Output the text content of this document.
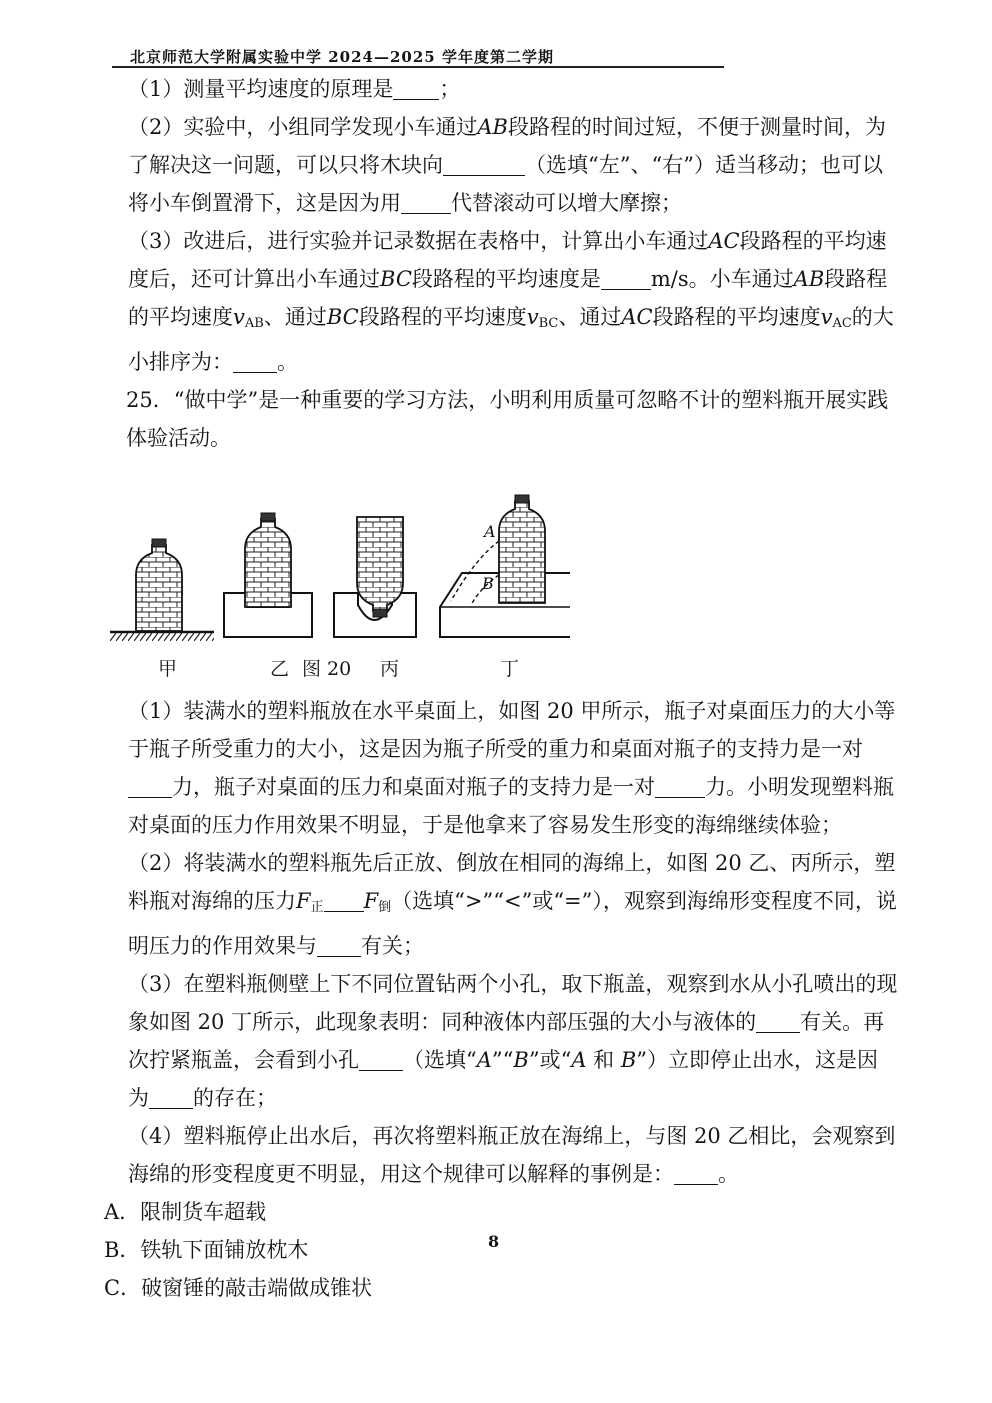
北京师范大学附属实验中学 2024—2025 学年度第二学期

（1）测量平均速度的原理是 ；

（2）实验中，小组同学发现小车通过AB段路程的时间过短，不便于测量时间，为了解决这一问题，可以只将木块向	（选填“左”、“右”）适当移动；也可以将小车倒置滑下，这是因为用 代替滚动可以增大摩擦；

（3）改进后，进行实验并记录数据在表格中，计算出小车通过AC段路程的平均速度后，还可计算出小车通过BC段路程的平均速度是 m/s。小车通过AB段路程的平均速度$v_{AB}$、通过BC段路程的平均速度$v_{BC}$、通过AC段路程的平均速度$v_{AC}$的大小排序为： 。

25．“做中学”是一种重要的学习方法，小明利用质量可忽略不计的塑料瓶开展实践体验活动。

A
B
甲	乙 图 20 丙	丁

（1）装满水的塑料瓶放在水平桌面上，如图 20 甲所示，瓶子对桌面压力的大小等于瓶子所受重力的大小，这是因为瓶子所受的重力和桌面对瓶子的支持力是一对力，瓶子对桌面的压力和桌面对瓶子的支持力是一对 力。小明发现塑料瓶对桌面的压力作用效果不明显，于是他拿来了容易发生形变的海绵继续体验；

（2）将装满水的塑料瓶先后正放、倒放在相同的海绵上，如图 20 乙、丙所示，塑料瓶对海绵的压力$F_正$ $F_倒$（选填“>”“<”或“=”），观察到海绵形变程度不同，说明压力的作用效果与 有关；

（3）在塑料瓶侧壁上下不同位置钻两个小孔，取下瓶盖，观察到水从小孔喷出的现象如图 20 丁所示，此现象表明：同种液体内部压强的大小与液体的 有关。再次拧紧瓶盖，会看到小孔 （选填“A”“B”或“A 和 B”）立即停止出水，这是因为 的存在；

（4）塑料瓶停止出水后，再次将塑料瓶正放在海绵上，与图 20 乙相比，会观察到海绵的形变程度更不明显，用这个规律可以解释的事例是： 。

A．限制货车超载

B．铁轨下面铺放枕木

C．破窗锤的敲击端做成锥状

8
